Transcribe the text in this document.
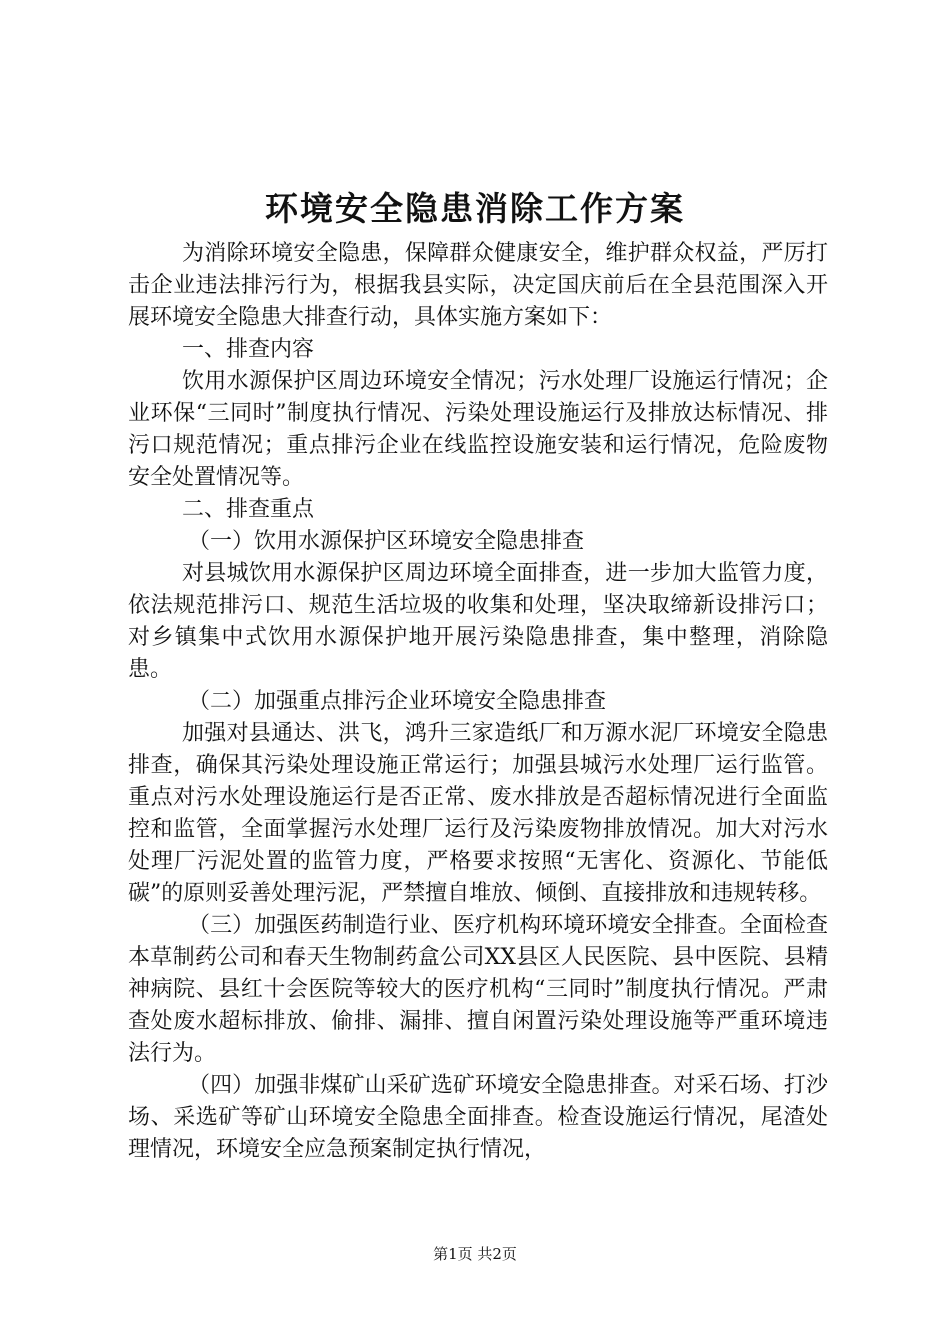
环境安全隐患消除工作方案

为消除环境安全隐患，保障群众健康安全，维护群众权益，严厉打击企业违法排污行为，根据我县实际，决定国庆前后在全县范围深入开展环境安全隐患大排查行动，具体实施方案如下：

一、排查内容

饮用水源保护区周边环境安全情况；污水处理厂设施运行情况；企业环保“三同时”制度执行情况、污染处理设施运行及排放达标情况、排污口规范情况；重点排污企业在线监控设施安装和运行情况，危险废物安全处置情况等。

二、排查重点

（一）饮用水源保护区环境安全隐患排查

对县城饮用水源保护区周边环境全面排查，进一步加大监管力度，依法规范排污口、规范生活垃圾的收集和处理，坚决取缔新设排污口；对乡镇集中式饮用水源保护地开展污染隐患排查，集中整理，消除隐患。

（二）加强重点排污企业环境安全隐患排查

加强对县通达、洪飞，鸿升三家造纸厂和万源水泥厂环境安全隐患排查，确保其污染处理设施正常运行；加强县城污水处理厂运行监管。重点对污水处理设施运行是否正常、废水排放是否超标情况进行全面监控和监管，全面掌握污水处理厂运行及污染废物排放情况。加大对污水处理厂污泥处置的监管力度，严格要求按照“无害化、资源化、节能低碳”的原则妥善处理污泥，严禁擅自堆放、倾倒、直接排放和违规转移。

（三）加强医药制造行业、医疗机构环境环境安全排查。全面检查本草制药公司和春天生物制药盒公司XX县区人民医院、县中医院、县精神病院、县红十会医院等较大的医疗机构“三同时”制度执行情况。严肃查处废水超标排放、偷排、漏排、擅自闲置污染处理设施等严重环境违法行为。

（四）加强非煤矿山采矿选矿环境安全隐患排查。对采石场、打沙场、采选矿等矿山环境安全隐患全面排查。检查设施运行情况，尾渣处理情况，环境安全应急预案制定执行情况，

第1页 共2页
